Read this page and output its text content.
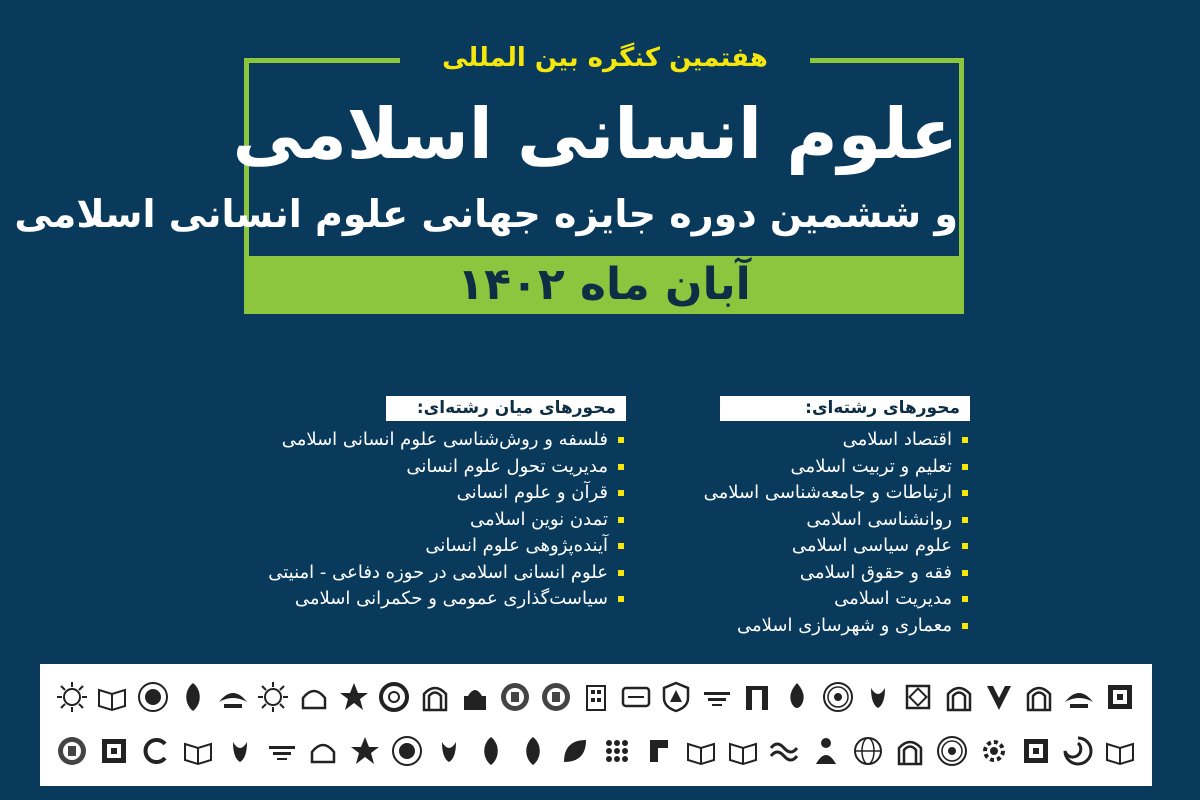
هفتمین کنگره بین المللی
علوم انسانی اسلامی
و ششمین دوره جایزه جهانی علوم انسانی اسلامی
آبان ماه ۱۴۰۲
محورهای رشته‌ای:
اقتصاد اسلامی
تعلیم و تربیت اسلامی
ارتباطات و جامعه‌شناسی اسلامی
روانشناسی اسلامی
علوم سیاسی اسلامی
فقه و حقوق اسلامی
مدیریت اسلامی
معماری و شهرسازی اسلامی
محورهای میان رشته‌ای:
فلسفه و روش‌شناسی علوم انسانی اسلامی
مدیریت تحول علوم انسانی
قرآن و علوم انسانی
تمدن نوین اسلامی
آینده‌پژوهی علوم انسانی
علوم انسانی اسلامی در حوزه دفاعی - امنیتی
سیاست‌گذاری عمومی و حکمرانی اسلامی
